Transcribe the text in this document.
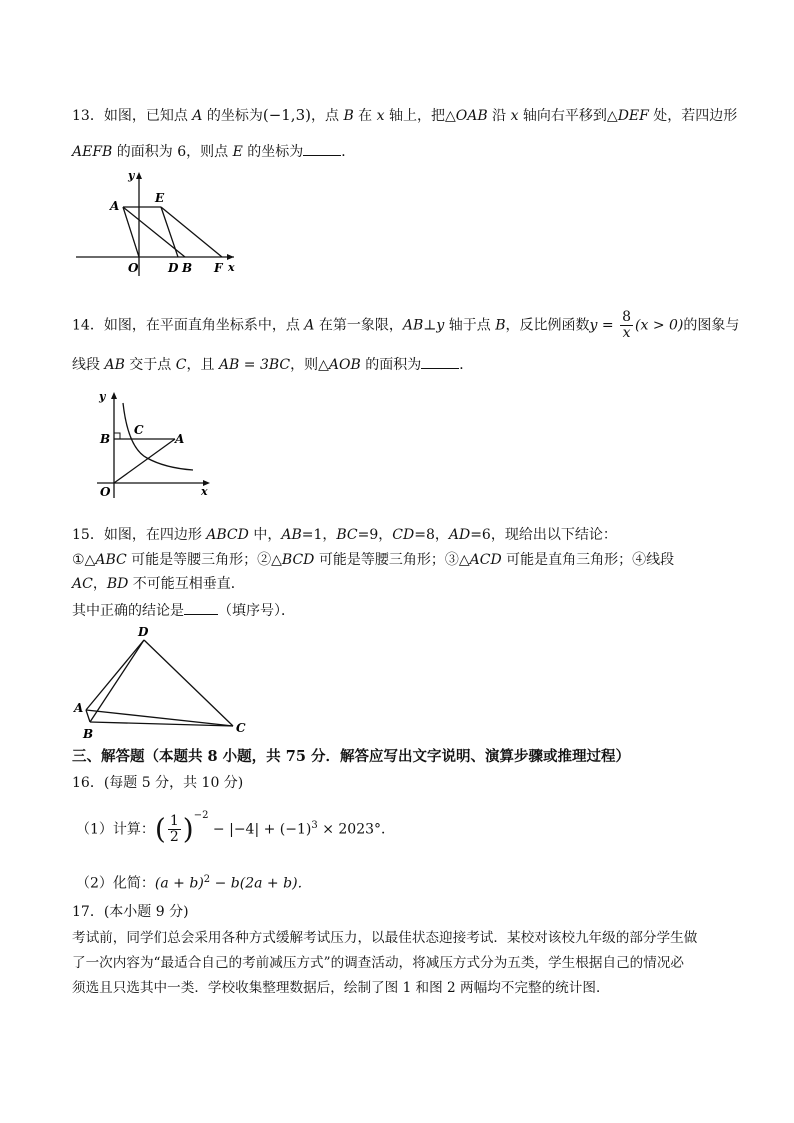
13．如图，已知点 A 的坐标为(−1,3)，点 B 在 x 轴上，把△OAB 沿 x 轴向右平移到△DEF 处，若四边形
AEFB 的面积为 6，则点 E 的坐标为	．
y
A
E
O D B F x
14．如图，在平面直角坐标系中，点 A 在第一象限，AB⊥y 轴于点 B，反比例函数$y = \frac{8}{x} (x > 0)$的图象与
线段 AB 交于点 C，且 AB = 3BC，则△AOB 的面积为	．
y
B
C
A
O	x
15．如图，在四边形 ABCD 中，AB=1，BC=9，CD=8，AD=6，现给出以下结论：
①△ABC 可能是等腰三角形；②△BCD 可能是等腰三角形；③△ACD 可能是直角三角形；④线段
AC，BD 不可能互相垂直．
其中正确的结论是 （填序号）．
D
A
B	C
三、解答题（本题共 8 小题，共 75 分．解答应写出文字说明、演算步骤或推理过程）
16．(每题 5 分，共 10 分)
（1）计算：( $\frac{1}{2} )^{-2} - |-4| + (-1)^3 \times 2023^\circ$．
（2）化简：$(a + b)^2 - b(2a + b)$．
17．(本小题 9 分)
考试前，同学们总会采用各种方式缓解考试压力，以最佳状态迎接考试．某校对该校九年级的部分学生做
了一次内容为“最适合自己的考前减压方式”的调查活动，将减压方式分为五类，学生根据自己的情况必
须选且只选其中一类．学校收集整理数据后，绘制了图 1 和图 2 两幅均不完整的统计图．
